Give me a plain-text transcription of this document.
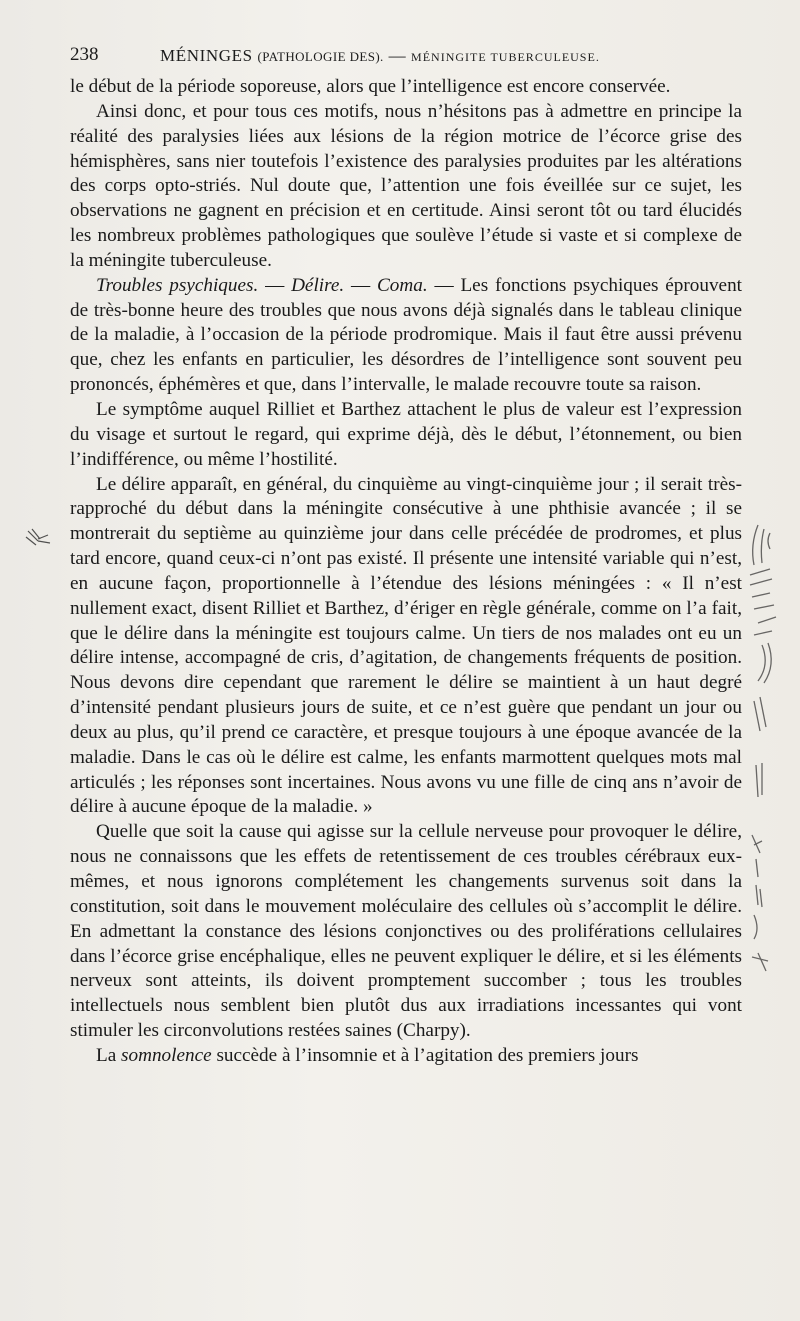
238	MÉNINGES (PATHOLOGIE DES). — MÉNINGITE TUBERCULEUSE.

le début de la période soporeuse, alors que l’intelligence est encore conservée.

Ainsi donc, et pour tous ces motifs, nous n’hésitons pas à admettre en principe la réalité des paralysies liées aux lésions de la région motrice de l’écorce grise des hémisphères, sans nier toutefois l’existence des paralysies produites par les altérations des corps opto-striés. Nul doute que, l’attention une fois éveillée sur ce sujet, les observations ne gagnent en précision et en certitude. Ainsi seront tôt ou tard élucidés les nombreux problèmes pathologiques que soulève l’étude si vaste et si complexe de la méningite tuberculeuse.

Troubles psychiques. — Délire. — Coma. — Les fonctions psychiques éprouvent de très-bonne heure des troubles que nous avons déjà signalés dans le tableau clinique de la maladie, à l’occasion de la période prodromique. Mais il faut être aussi prévenu que, chez les enfants en particulier, les désordres de l’intelligence sont souvent peu prononcés, éphémères et que, dans l’intervalle, le malade recouvre toute sa raison.

Le symptôme auquel Rilliet et Barthez attachent le plus de valeur est l’expression du visage et surtout le regard, qui exprime déjà, dès le début, l’étonnement, ou bien l’indifférence, ou même l’hostilité.

Le délire apparaît, en général, du cinquième au vingt-cinquième jour ; il serait très-rapproché du début dans la méningite consécutive à une phthisie avancée ; il se montrerait du septième au quinzième jour dans celle précédée de prodromes, et plus tard encore, quand ceux-ci n’ont pas existé. Il présente une intensité variable qui n’est, en aucune façon, proportionnelle à l’étendue des lésions méningées : « Il n’est nullement exact, disent Rilliet et Barthez, d’ériger en règle générale, comme on l’a fait, que le délire dans la méningite est toujours calme. Un tiers de nos malades ont eu un délire intense, accompagné de cris, d’agitation, de changements fréquents de position. Nous devons dire cependant que rarement le délire se maintient à un haut degré d’intensité pendant plusieurs jours de suite, et ce n’est guère que pendant un jour ou deux au plus, qu’il prend ce caractère, et presque toujours à une époque avancée de la maladie. Dans le cas où le délire est calme, les enfants marmottent quelques mots mal articulés ; les réponses sont incertaines. Nous avons vu une fille de cinq ans n’avoir de délire à aucune époque de la maladie. »

Quelle que soit la cause qui agisse sur la cellule nerveuse pour provoquer le délire, nous ne connaissons que les effets de retentissement de ces troubles cérébraux eux-mêmes, et nous ignorons complétement les changements survenus soit dans la constitution, soit dans le mouvement moléculaire des cellules où s’accomplit le délire. En admettant la constance des lésions conjonctives ou des proliférations cellulaires dans l’écorce grise encéphalique, elles ne peuvent expliquer le délire, et si les éléments nerveux sont atteints, ils doivent promptement succomber ; tous les troubles intellectuels nous semblent bien plutôt dus aux irradiations incessantes qui vont stimuler les circonvolutions restées saines (Charpy).

La somnolence succède à l’insomnie et à l’agitation des premiers jours
